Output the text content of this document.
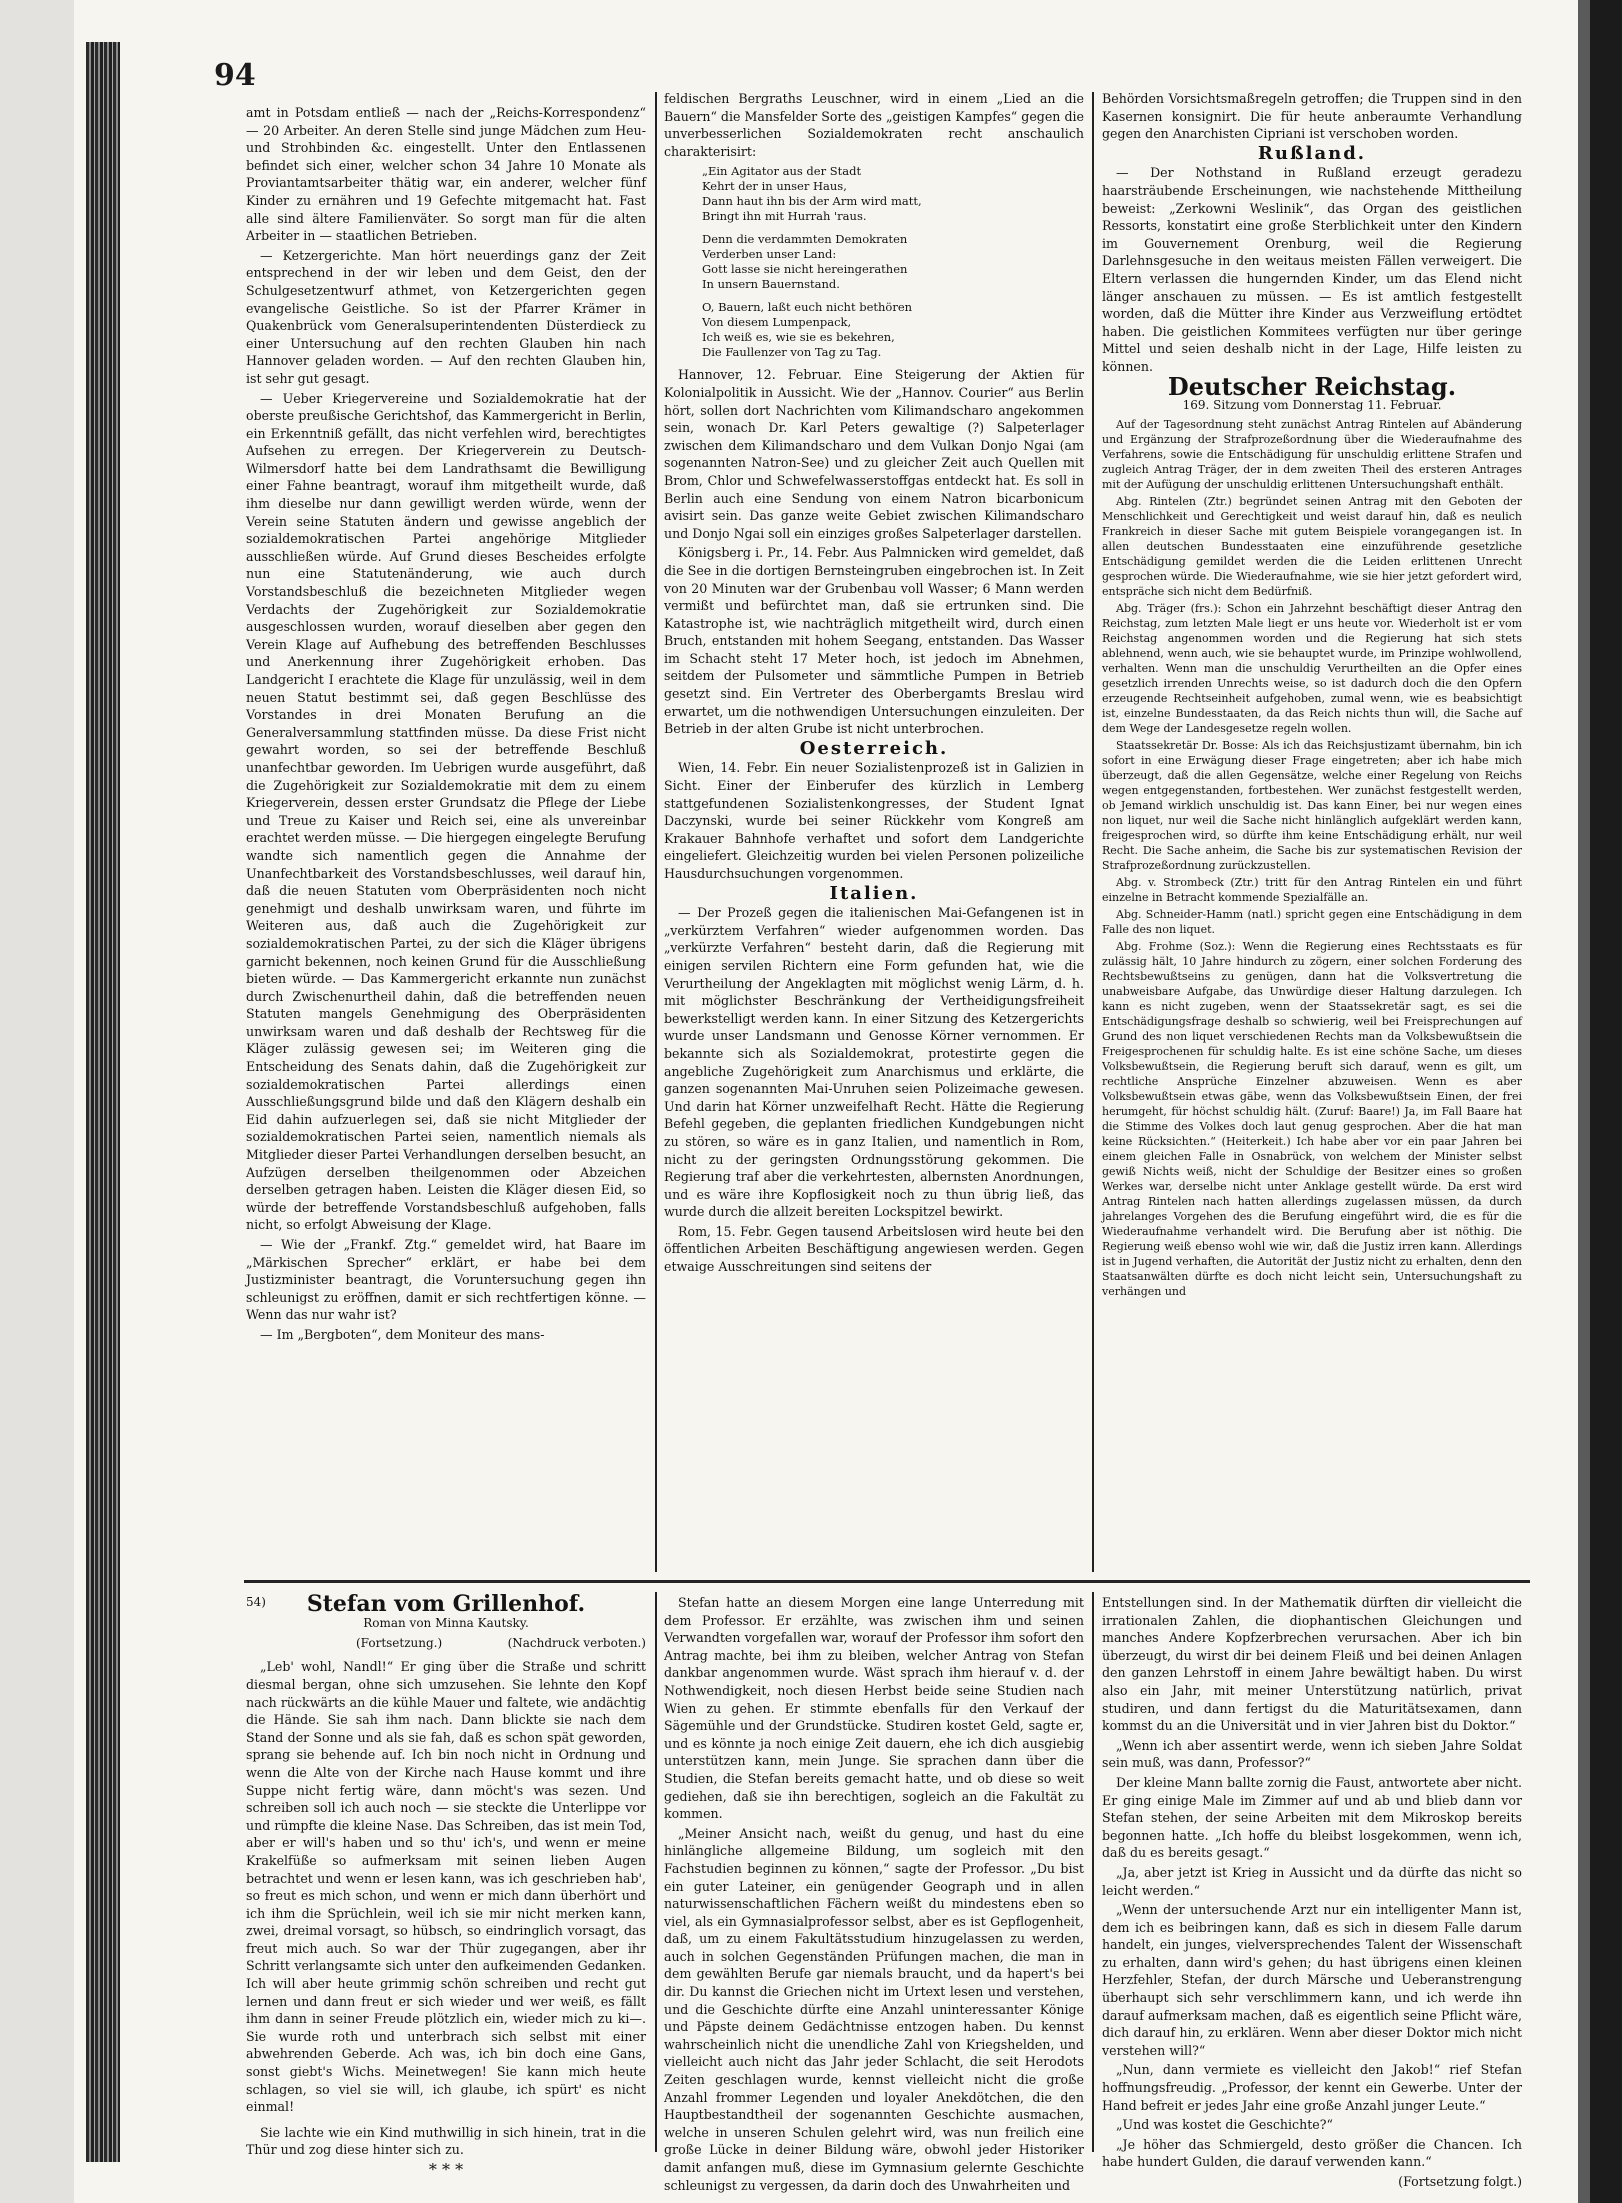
94

amt in Potsdam entließ — nach der „Reichs-Korrespondenz“ — 20 Arbeiter. An deren Stelle sind junge Mädchen zum Heu- und Strohbinden &c. eingestellt. Unter den Entlassenen befindet sich einer, welcher schon 34 Jahre 10 Monate als Proviantamtsarbeiter thätig war, ein anderer, welcher fünf Kinder zu ernähren und 19 Gefechte mitgemacht hat. Fast alle sind ältere Familienväter. So sorgt man für die alten Arbeiter in — staatlichen Betrieben.

— Ketzergerichte. Man hört neuerdings ganz der Zeit entsprechend in der wir leben und dem Geist, den der Schulgesetzentwurf athmet, von Ketzergerichten gegen evangelische Geistliche. So ist der Pfarrer Krämer in Quakenbrück vom Generalsuperintendenten Düsterdieck zu einer Untersuchung auf den rechten Glauben hin nach Hannover geladen worden. — Auf den rechten Glauben hin, ist sehr gut gesagt.

— Ueber Kriegervereine und Sozialdemokratie hat der oberste preußische Gerichtshof, das Kammergericht in Berlin, ein Erkenntniß gefällt, das nicht verfehlen wird, berechtigtes Aufsehen zu erregen. Der Kriegerverein zu Deutsch-Wilmersdorf hatte bei dem Landrathsamt die Bewilligung einer Fahne beantragt, worauf ihm mitgetheilt wurde, daß ihm dieselbe nur dann gewilligt werden würde, wenn der Verein seine Statuten ändern und gewisse angeblich der sozialdemokratischen Partei angehörige Mitglieder ausschließen würde. Auf Grund dieses Bescheides erfolgte nun eine Statutenänderung, wie auch durch Vorstandsbeschluß die bezeichneten Mitglieder wegen Verdachts der Zugehörigkeit zur Sozialdemokratie ausgeschlossen wurden, worauf dieselben aber gegen den Verein Klage auf Aufhebung des betreffenden Beschlusses und Anerkennung ihrer Zugehörigkeit erhoben. Das Landgericht I erachtete die Klage für unzulässig, weil in dem neuen Statut bestimmt sei, daß gegen Beschlüsse des Vorstandes in drei Monaten Berufung an die Generalversammlung stattfinden müsse. Da diese Frist nicht gewahrt worden, so sei der betreffende Beschluß unanfechtbar geworden. Im Uebrigen wurde ausgeführt, daß die Zugehörigkeit zur Sozialdemokratie mit dem zu einem Kriegerverein, dessen erster Grundsatz die Pflege der Liebe und Treue zu Kaiser und Reich sei, eine als unvereinbar erachtet werden müsse. — Die hiergegen eingelegte Berufung wandte sich namentlich gegen die Annahme der Unanfechtbarkeit des Vorstandsbeschlusses, weil darauf hin, daß die neuen Statuten vom Oberpräsidenten noch nicht genehmigt und deshalb unwirksam waren, und führte im Weiteren aus, daß auch die Zugehörigkeit zur sozialdemokratischen Partei, zu der sich die Kläger übrigens garnicht bekennen, noch keinen Grund für die Ausschließung bieten würde. — Das Kammergericht erkannte nun zunächst durch Zwischenurtheil dahin, daß die betreffenden neuen Statuten mangels Genehmigung des Oberpräsidenten unwirksam waren und daß deshalb der Rechtsweg für die Kläger zulässig gewesen sei; im Weiteren ging die Entscheidung des Senats dahin, daß die Zugehörigkeit zur sozialdemokratischen Partei allerdings einen Ausschließungsgrund bilde und daß den Klägern deshalb ein Eid dahin aufzuerlegen sei, daß sie nicht Mitglieder der sozialdemokratischen Partei seien, namentlich niemals als Mitglieder dieser Partei Verhandlungen derselben besucht, an Aufzügen derselben theilgenommen oder Abzeichen derselben getragen haben. Leisten die Kläger diesen Eid, so würde der betreffende Vorstandsbeschluß aufgehoben, falls nicht, so erfolgt Abweisung der Klage.

— Wie der „Frankf. Ztg.“ gemeldet wird, hat Baare im „Märkischen Sprecher“ erklärt, er habe bei dem Justizminister beantragt, die Voruntersuchung gegen ihn schleunigst zu eröffnen, damit er sich rechtfertigen könne. — Wenn das nur wahr ist?

— Im „Bergboten“, dem Moniteur des mans-

feldischen Bergraths Leuschner, wird in einem „Lied an die Bauern“ die Mansfelder Sorte des „geistigen Kampfes“ gegen die unverbesserlichen Sozialdemokraten recht anschaulich charakterisirt:

„Ein Agitator aus der Stadt
Kehrt der in unser Haus,
Dann haut ihn bis der Arm wird matt,
Bringt ihn mit Hurrah 'raus.
Denn die verdammten Demokraten
Verderben unser Land:
Gott lasse sie nicht hereingerathen
In unsern Bauernstand.
O, Bauern, laßt euch nicht bethören
Von diesem Lumpenpack,
Ich weiß es, wie sie es bekehren,
Die Faullenzer von Tag zu Tag.

Hannover, 12. Februar. Eine Steigerung der Aktien für Kolonialpolitik in Aussicht. Wie der „Hannov. Courier“ aus Berlin hört, sollen dort Nachrichten vom Kilimandscharo angekommen sein, wonach Dr. Karl Peters gewaltige (?) Salpeterlager zwischen dem Kilimandscharo und dem Vulkan Donjo Ngai (am sogenannten Natron-See) und zu gleicher Zeit auch Quellen mit Brom, Chlor und Schwefelwasserstoffgas entdeckt hat. Es soll in Berlin auch eine Sendung von einem Natron bicarbonicum avisirt sein. Das ganze weite Gebiet zwischen Kilimandscharo und Donjo Ngai soll ein einziges großes Salpeterlager darstellen.

Königsberg i. Pr., 14. Febr. Aus Palmnicken wird gemeldet, daß die See in die dortigen Bernsteingruben eingebrochen ist. In Zeit von 20 Minuten war der Grubenbau voll Wasser; 6 Mann werden vermißt und befürchtet man, daß sie ertrunken sind. Die Katastrophe ist, wie nachträglich mitgetheilt wird, durch einen Bruch, entstanden mit hohem Seegang, entstanden. Das Wasser im Schacht steht 17 Meter hoch, ist jedoch im Abnehmen, seitdem der Pulsometer und sämmtliche Pumpen in Betrieb gesetzt sind. Ein Vertreter des Oberbergamts Breslau wird erwartet, um die nothwendigen Untersuchungen einzuleiten. Der Betrieb in der alten Grube ist nicht unterbrochen.

Oesterreich.

Wien, 14. Febr. Ein neuer Sozialistenprozeß ist in Galizien in Sicht. Einer der Einberufer des kürzlich in Lemberg stattgefundenen Sozialistenkongresses, der Student Ignat Daczynski, wurde bei seiner Rückkehr vom Kongreß am Krakauer Bahnhofe verhaftet und sofort dem Landgerichte eingeliefert. Gleichzeitig wurden bei vielen Personen polizeiliche Hausdurchsuchungen vorgenommen.

Italien.

— Der Prozeß gegen die italienischen Mai-Gefangenen ist in „verkürztem Verfahren“ wieder aufgenommen worden. Das „verkürzte Verfahren“ besteht darin, daß die Regierung mit einigen servilen Richtern eine Form gefunden hat, wie die Verurtheilung der Angeklagten mit möglichst wenig Lärm, d. h. mit möglichster Beschränkung der Vertheidigungsfreiheit bewerkstelligt werden kann. In einer Sitzung des Ketzergerichts wurde unser Landsmann und Genosse Körner vernommen. Er bekannte sich als Sozialdemokrat, protestirte gegen die angebliche Zugehörigkeit zum Anarchismus und erklärte, die ganzen sogenannten Mai-Unruhen seien Polizeimache gewesen. Und darin hat Körner unzweifelhaft Recht. Hätte die Regierung Befehl gegeben, die geplanten friedlichen Kundgebungen nicht zu stören, so wäre es in ganz Italien, und namentlich in Rom, nicht zu der geringsten Ordnungsstörung gekommen. Die Regierung traf aber die verkehrtesten, albernsten Anordnungen, und es wäre ihre Kopflosigkeit noch zu thun übrig ließ, das wurde durch die allzeit bereiten Lockspitzel bewirkt.

Rom, 15. Febr. Gegen tausend Arbeitslosen wird heute bei den öffentlichen Arbeiten Beschäftigung angewiesen werden. Gegen etwaige Ausschreitungen sind seitens der

Behörden Vorsichtsmaßregeln getroffen; die Truppen sind in den Kasernen konsignirt. Die für heute anberaumte Verhandlung gegen den Anarchisten Cipriani ist verschoben worden.

Rußland.

— Der Nothstand in Rußland erzeugt geradezu haarsträubende Erscheinungen, wie nachstehende Mittheilung beweist: „Zerkowni Weslinik“, das Organ des geistlichen Ressorts, konstatirt eine große Sterblichkeit unter den Kindern im Gouvernement Orenburg, weil die Regierung Darlehnsgesuche in den weitaus meisten Fällen verweigert. Die Eltern verlassen die hungernden Kinder, um das Elend nicht länger anschauen zu müssen. — Es ist amtlich festgestellt worden, daß die Mütter ihre Kinder aus Verzweiflung ertödtet haben. Die geistlichen Kommitees verfügten nur über geringe Mittel und seien deshalb nicht in der Lage, Hilfe leisten zu können.

Deutscher Reichstag.

169. Sitzung vom Donnerstag 11. Februar.

Auf der Tagesordnung steht zunächst Antrag Rintelen auf Abänderung und Ergänzung der Strafprozeßordnung über die Wiederaufnahme des Verfahrens, sowie die Entschädigung für unschuldig erlittene Strafen und zugleich Antrag Träger, der in dem zweiten Theil des ersteren Antrages mit der Aufügung der unschuldig erlittenen Untersuchungshaft enthält.

Abg. Rintelen (Ztr.) begründet seinen Antrag mit den Geboten der Menschlichkeit und Gerechtigkeit und weist darauf hin, daß es neulich Frankreich in dieser Sache mit gutem Beispiele vorangegangen ist. In allen deutschen Bundesstaaten eine einzuführende gesetzliche Entschädigung gemildet werden die die Leiden erlittenen Unrecht gesprochen würde. Die Wiederaufnahme, wie sie hier jetzt gefordert wird, entspräche sich nicht dem Bedürfniß.

Abg. Träger (frs.): Schon ein Jahrzehnt beschäftigt dieser Antrag den Reichstag, zum letzten Male liegt er uns heute vor. Wiederholt ist er vom Reichstag angenommen worden und die Regierung hat sich stets ablehnend, wenn auch, wie sie behauptet wurde, im Prinzipe wohlwollend, verhalten. Wenn man die unschuldig Verurtheilten an die Opfer eines gesetzlich irrenden Unrechts weise, so ist dadurch doch die den Opfern erzeugende Rechtseinheit aufgehoben, zumal wenn, wie es beabsichtigt ist, einzelne Bundesstaaten, da das Reich nichts thun will, die Sache auf dem Wege der Landesgesetze regeln wollen.

Staatssekretär Dr. Bosse: Als ich das Reichsjustizamt übernahm, bin ich sofort in eine Erwägung dieser Frage eingetreten; aber ich habe mich überzeugt, daß die allen Gegensätze, welche einer Regelung von Reichs wegen entgegenstanden, fortbestehen. Wer zunächst festgestellt werden, ob Jemand wirklich unschuldig ist. Das kann Einer, bei nur wegen eines non liquet, nur weil die Sache nicht hinlänglich aufgeklärt werden kann, freigesprochen wird, so dürfte ihm keine Entschädigung erhält, nur weil Recht. Die Sache anheim, die Sache bis zur systematischen Revision der Strafprozeßordnung zurückzustellen.

Abg. v. Strombeck (Ztr.) tritt für den Antrag Rintelen ein und führt einzelne in Betracht kommende Spezialfälle an.

Abg. Schneider-Hamm (natl.) spricht gegen eine Entschädigung in dem Falle des non liquet.

Abg. Frohme (Soz.): Wenn die Regierung eines Rechtsstaats es für zulässig hält, 10 Jahre hindurch zu zögern, einer solchen Forderung des Rechtsbewußtseins zu genügen, dann hat die Volksvertretung die unabweisbare Aufgabe, das Unwürdige dieser Haltung darzulegen. Ich kann es nicht zugeben, wenn der Staatssekretär sagt, es sei die Entschädigungsfrage deshalb so schwierig, weil bei Freisprechungen auf Grund des non liquet verschiedenen Rechts man da Volksbewußtsein die Freigesprochenen für schuldig halte. Es ist eine schöne Sache, um dieses Volksbewußtsein, die Regierung beruft sich darauf, wenn es gilt, um rechtliche Ansprüche Einzelner abzuweisen. Wenn es aber Volksbewußtsein etwas gäbe, wenn das Volksbewußtsein Einen, der frei herumgeht, für höchst schuldig hält. (Zuruf: Baare!) Ja, im Fall Baare hat die Stimme des Volkes doch laut genug gesprochen. Aber die hat man keine Rücksichten.“ (Heiterkeit.) Ich habe aber vor ein paar Jahren bei einem gleichen Falle in Osnabrück, von welchem der Minister selbst gewiß Nichts weiß, nicht der Schuldige der Besitzer eines so großen Werkes war, derselbe nicht unter Anklage gestellt würde. Da erst wird Antrag Rintelen nach hatten allerdings zugelassen müssen, da durch jahrelanges Vorgehen des die Berufung eingeführt wird, die es für die Wiederaufnahme verhandelt wird. Die Berufung aber ist nöthig. Die Regierung weiß ebenso wohl wie wir, daß die Justiz irren kann. Allerdings ist in Jugend verhaften, die Autorität der Justiz nicht zu erhalten, denn den Staatsanwälten dürfte es doch nicht leicht sein, Untersuchungshaft zu verhängen und

54)	Stefan vom Grillenhof.

Roman von Minna Kautsky.

(Fortsetzung.)	(Nachdruck verboten.)

„Leb' wohl, Nandl!“ Er ging über die Straße und schritt diesmal bergan, ohne sich umzusehen. Sie lehnte den Kopf nach rückwärts an die kühle Mauer und faltete, wie andächtig die Hände. Sie sah ihm nach. Dann blickte sie nach dem Stand der Sonne und als sie fah, daß es schon spät geworden, sprang sie behende auf. Ich bin noch nicht in Ordnung und wenn die Alte von der Kirche nach Hause kommt und ihre Suppe nicht fertig wäre, dann möcht's was sezen. Und schreiben soll ich auch noch — sie steckte die Unterlippe vor und rümpfte die kleine Nase. Das Schreiben, das ist mein Tod, aber er will's haben und so thu' ich's, und wenn er meine Krakelfüße so aufmerksam mit seinen lieben Augen betrachtet und wenn er lesen kann, was ich geschrieben hab', so freut es mich schon, und wenn er mich dann überhört und ich ihm die Sprüchlein, weil ich sie mir nicht merken kann, zwei, dreimal vorsagt, so hübsch, so eindringlich vorsagt, das freut mich auch. So war der Thür zugegangen, aber ihr Schritt verlangsamte sich unter den aufkeimenden Gedanken. Ich will aber heute grimmig schön schreiben und recht gut lernen und dann freut er sich wieder und wer weiß, es fällt ihm dann in seiner Freude plötzlich ein, wieder mich zu ki—. Sie wurde roth und unterbrach sich selbst mit einer abwehrenden Geberde. Ach was, ich bin doch eine Gans, sonst giebt's Wichs. Meinetwegen! Sie kann mich heute schlagen, so viel sie will, ich glaube, ich spürt' es nicht einmal!

Sie lachte wie ein Kind muthwillig in sich hinein, trat in die Thür und zog diese hinter sich zu.

* * *

Stefan hatte an diesem Morgen eine lange Unterredung mit dem Professor. Er erzählte, was zwischen ihm und seinen Verwandten vorgefallen war, worauf der Professor ihm sofort den Antrag machte, bei ihm zu bleiben, welcher Antrag von Stefan dankbar angenommen wurde. Wäst sprach ihm hierauf v. d. der Nothwendigkeit, noch diesen Herbst beide seine Studien nach Wien zu gehen. Er stimmte ebenfalls für den Verkauf der Sägemühle und der Grundstücke. Studiren kostet Geld, sagte er, und es könnte ja noch einige Zeit dauern, ehe ich dich ausgiebig unterstützen kann, mein Junge. Sie sprachen dann über die Studien, die Stefan bereits gemacht hatte, und ob diese so weit gediehen, daß sie ihn berechtigen, sogleich an die Fakultät zu kommen.

„Meiner Ansicht nach, weißt du genug, und hast du eine hinlängliche allgemeine Bildung, um sogleich mit den Fachstudien beginnen zu können,“ sagte der Professor. „Du bist ein guter Lateiner, ein genügender Geograph und in allen naturwissenschaftlichen Fächern weißt du mindestens eben so viel, als ein Gymnasialprofessor selbst, aber es ist Gepflogenheit, daß, um zu einem Fakultätsstudium hinzugelassen zu werden, auch in solchen Gegenständen Prüfungen machen, die man in dem gewählten Berufe gar niemals braucht, und da hapert's bei dir. Du kannst die Griechen nicht im Urtext lesen und verstehen, und die Geschichte dürfte eine Anzahl uninteressanter Könige und Päpste deinem Gedächtnisse entzogen haben. Du kennst wahrscheinlich nicht die unendliche Zahl von Kriegshelden, und vielleicht auch nicht das Jahr jeder Schlacht, die seit Herodots Zeiten geschlagen wurde, kennst vielleicht nicht die große Anzahl frommer Legenden und loyaler Anekdötchen, die den Hauptbestandtheil der sogenannten Geschichte ausmachen, welche in unseren Schulen gelehrt wird, was nun freilich eine große Lücke in deiner Bildung wäre, obwohl jeder Historiker damit anfangen muß, diese im Gymnasium gelernte Geschichte schleunigst zu vergessen, da darin doch des Unwahrheiten und

Entstellungen sind. In der Mathematik dürften dir vielleicht die irrationalen Zahlen, die diophantischen Gleichungen und manches Andere Kopfzerbrechen verursachen. Aber ich bin überzeugt, du wirst dir bei deinem Fleiß und bei deinen Anlagen den ganzen Lehrstoff in einem Jahre bewältigt haben. Du wirst also ein Jahr, mit meiner Unterstützung natürlich, privat studiren, und dann fertigst du die Maturitätsexamen, dann kommst du an die Universität und in vier Jahren bist du Doktor.“

„Wenn ich aber assentirt werde, wenn ich sieben Jahre Soldat sein muß, was dann, Professor?“

Der kleine Mann ballte zornig die Faust, antwortete aber nicht. Er ging einige Male im Zimmer auf und ab und blieb dann vor Stefan stehen, der seine Arbeiten mit dem Mikroskop bereits begonnen hatte. „Ich hoffe du bleibst losgekommen, wenn ich, daß du es bereits gesagt.“

„Ja, aber jetzt ist Krieg in Aussicht und da dürfte das nicht so leicht werden.“

„Wenn der untersuchende Arzt nur ein intelligenter Mann ist, dem ich es beibringen kann, daß es sich in diesem Falle darum handelt, ein junges, vielversprechendes Talent der Wissenschaft zu erhalten, dann wird's gehen; du hast übrigens einen kleinen Herzfehler, Stefan, der durch Märsche und Ueberanstrengung überhaupt sich sehr verschlimmern kann, und ich werde ihn darauf aufmerksam machen, daß es eigentlich seine Pflicht wäre, dich darauf hin, zu erklären. Wenn aber dieser Doktor mich nicht verstehen will?“

„Nun, dann vermiete es vielleicht den Jakob!“ rief Stefan hoffnungsfreudig. „Professor, der kennt ein Gewerbe. Unter der Hand befreit er jedes Jahr eine große Anzahl junger Leute.“

„Und was kostet die Geschichte?“

„Je höher das Schmiergeld, desto größer die Chancen. Ich habe hundert Gulden, die darauf verwenden kann.“

(Fortsetzung folgt.)
